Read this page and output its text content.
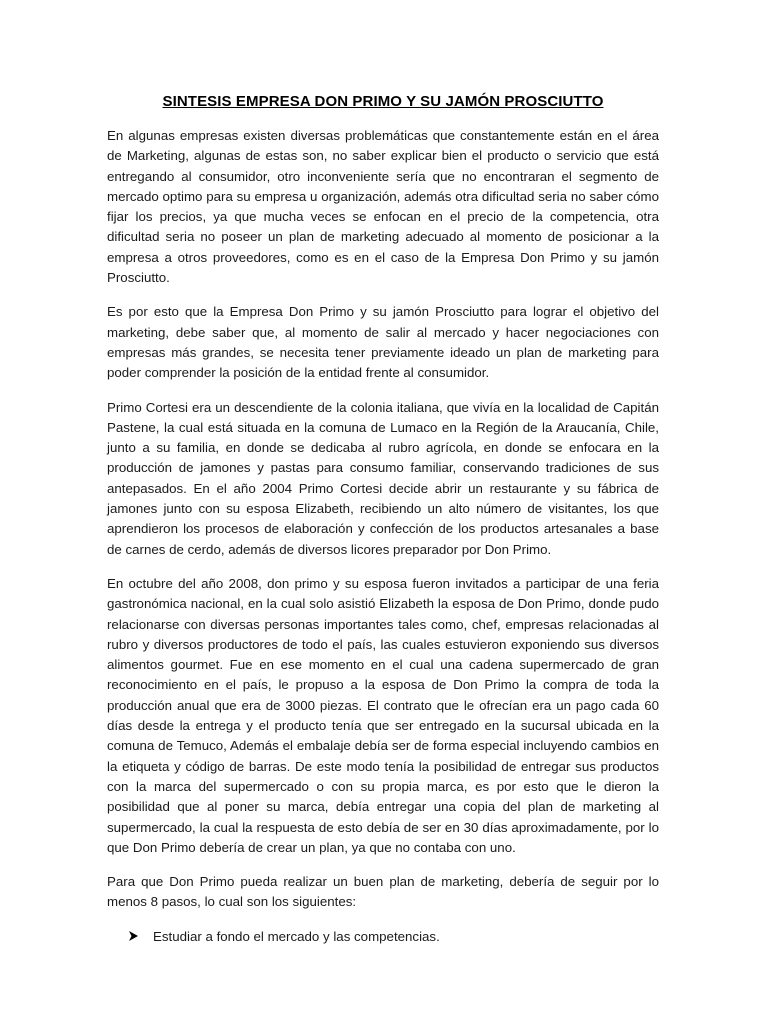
SINTESIS EMPRESA DON PRIMO Y SU JAMÓN PROSCIUTTO

En algunas empresas existen diversas problemáticas que constantemente están en el área de Marketing, algunas de estas son, no saber explicar bien el producto o servicio que está entregando al consumidor, otro inconveniente sería que no encontraran el segmento de mercado optimo para su empresa u organización, además otra dificultad seria no saber cómo fijar los precios, ya que mucha veces se enfocan en el precio de la competencia, otra dificultad seria no poseer un plan de marketing adecuado al momento de posicionar a la empresa a otros proveedores, como es en el caso de la Empresa Don Primo y su jamón Prosciutto.

Es por esto que la Empresa Don Primo y su jamón Prosciutto para lograr el objetivo del marketing, debe saber que, al momento de salir al mercado y hacer negociaciones con empresas más grandes, se necesita tener previamente ideado un plan de marketing para poder comprender la posición de la entidad frente al consumidor.

Primo Cortesi era un descendiente de la colonia italiana, que vivía en la localidad de Capitán Pastene, la cual está situada en la comuna de Lumaco en la Región de la Araucanía, Chile, junto a su familia, en donde se dedicaba al rubro agrícola, en donde se enfocara en la producción de jamones y pastas para consumo familiar, conservando tradiciones de sus antepasados. En el año 2004 Primo Cortesi decide abrir un restaurante y su fábrica de jamones junto con su esposa Elizabeth, recibiendo un alto número de visitantes, los que aprendieron los procesos de elaboración y confección de los productos artesanales a base de carnes de cerdo, además de diversos licores preparador por Don Primo.

En octubre del año 2008, don primo y su esposa fueron invitados a participar de una feria gastronómica nacional, en la cual solo asistió Elizabeth la esposa de Don Primo, donde pudo relacionarse con diversas personas importantes tales como, chef, empresas relacionadas al rubro y diversos productores de todo el país, las cuales estuvieron exponiendo sus diversos alimentos gourmet. Fue en ese momento en el cual una cadena supermercado de gran reconocimiento en el país, le propuso a la esposa de Don Primo la compra de toda la producción anual que era de 3000 piezas. El contrato que le ofrecían era un pago cada 60 días desde la entrega y el producto tenía que ser entregado en la sucursal ubicada en la comuna de Temuco, Además el embalaje debía ser de forma especial incluyendo cambios en la etiqueta y código de barras. De este modo tenía la posibilidad de entregar sus productos con la marca del supermercado o con su propia marca, es por esto que le dieron la posibilidad que al poner su marca, debía entregar una copia del plan de marketing al supermercado, la cual la respuesta de esto debía de ser en 30 días aproximadamente, por lo que Don Primo debería de crear un plan, ya que no contaba con uno.

Para que Don Primo pueda realizar un buen plan de marketing, debería de seguir por lo menos 8 pasos, lo cual son los siguientes:

Estudiar a fondo el mercado y las competencias.
